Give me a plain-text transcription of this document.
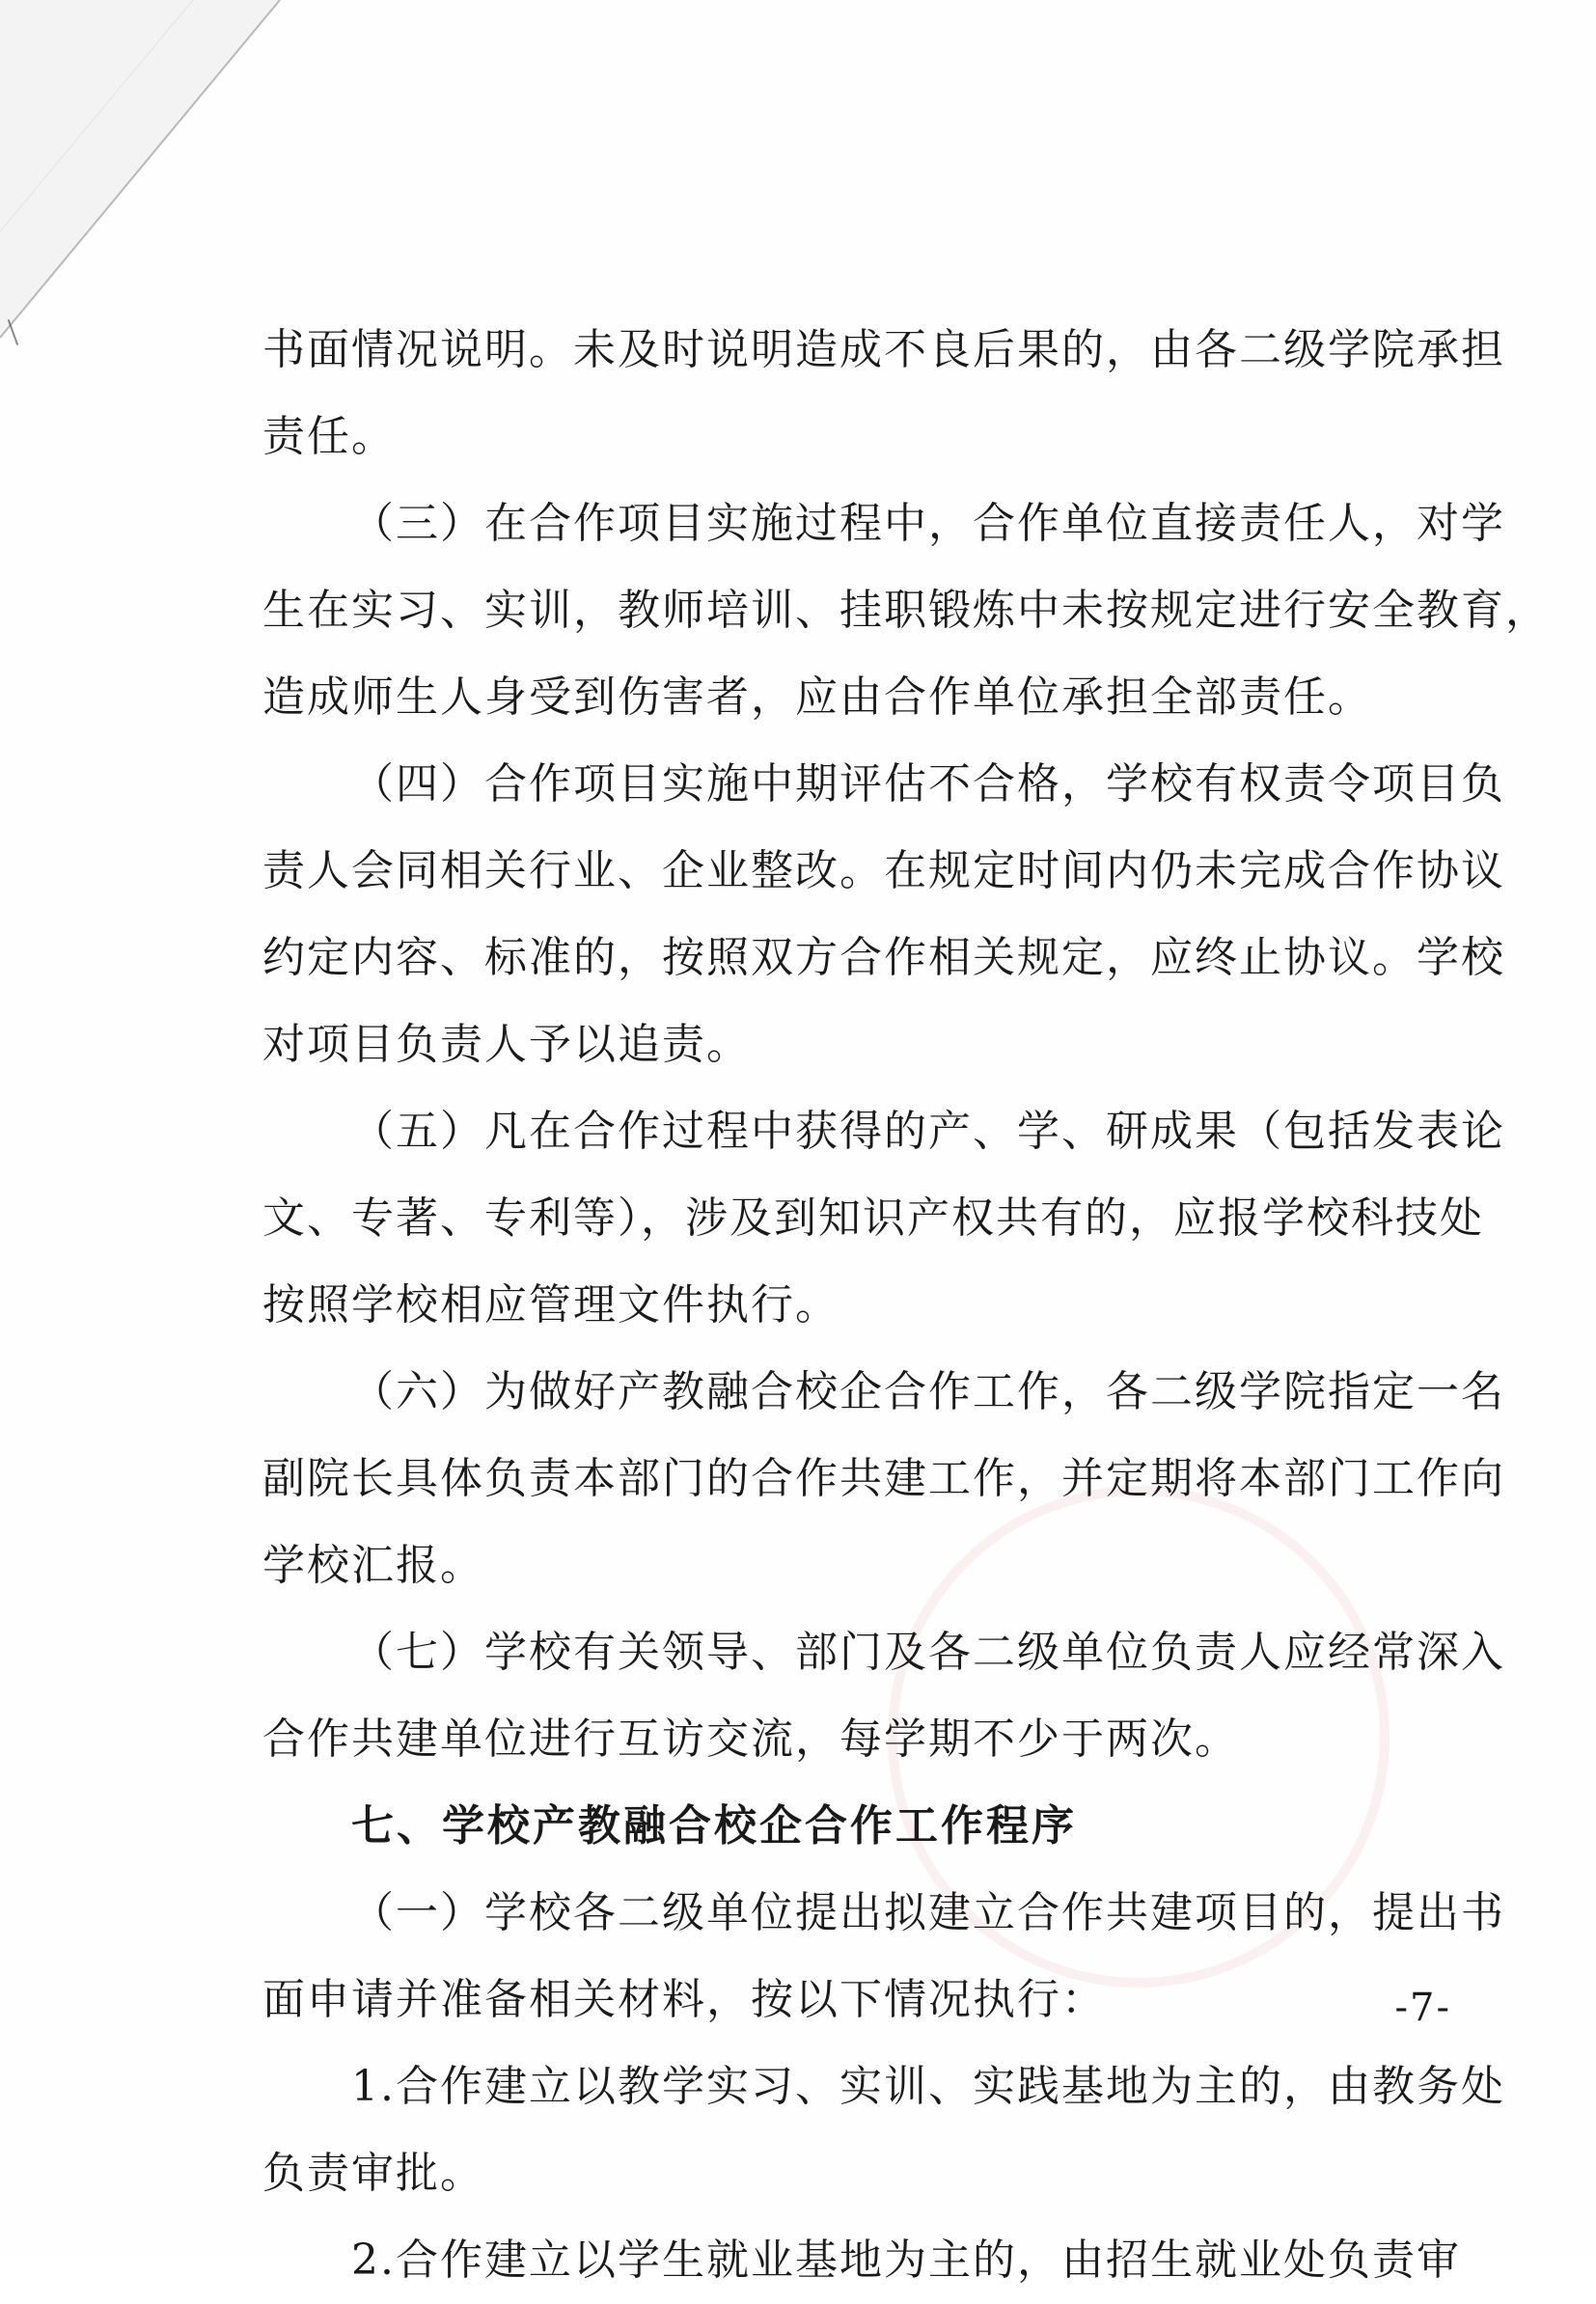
书面情况说明。未及时说明造成不良后果的，由各二级学院承担
责任。
（三）在合作项目实施过程中，合作单位直接责任人，对学
生在实习、实训，教师培训、挂职锻炼中未按规定进行安全教育，
造成师生人身受到伤害者，应由合作单位承担全部责任。
（四）合作项目实施中期评估不合格，学校有权责令项目负
责人会同相关行业、企业整改。在规定时间内仍未完成合作协议
约定内容、标准的，按照双方合作相关规定，应终止协议。学校
对项目负责人予以追责。
（五）凡在合作过程中获得的产、学、研成果（包括发表论
文、专著、专利等），涉及到知识产权共有的，应报学校科技处
按照学校相应管理文件执行。
（六）为做好产教融合校企合作工作，各二级学院指定一名
副院长具体负责本部门的合作共建工作，并定期将本部门工作向
学校汇报。
（七）学校有关领导、部门及各二级单位负责人应经常深入
合作共建单位进行互访交流，每学期不少于两次。
七、学校产教融合校企合作工作程序
（一）学校各二级单位提出拟建立合作共建项目的，提出书
面申请并准备相关材料，按以下情况执行：
1.合作建立以教学实习、实训、实践基地为主的，由教务处
负责审批。
2.合作建立以学生就业基地为主的，由招生就业处负责审
-7-
